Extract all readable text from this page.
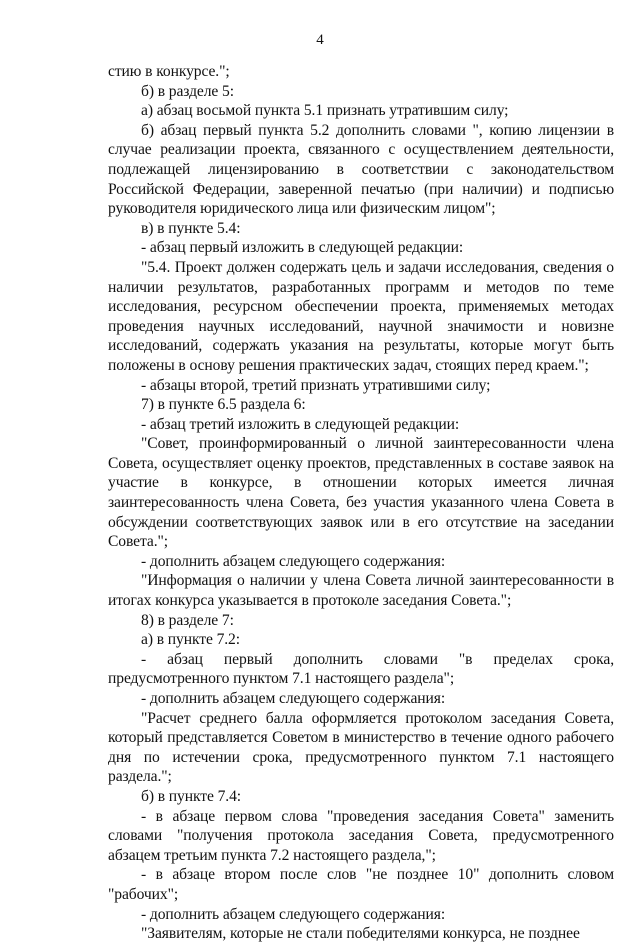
4

стию в конкурсе.";

б) в разделе 5:

а) абзац восьмой пункта 5.1 признать утратившим силу;

б) абзац первый пункта 5.2 дополнить словами ", копию лицензии в случае реализации проекта, связанного с осуществлением деятельности, подлежащей лицензированию в соответствии с законодательством Российской Федерации, заверенной печатью (при наличии) и подписью руководителя юридического лица или физическим лицом";

в) в пункте 5.4:

- абзац первый изложить в следующей редакции:

"5.4. Проект должен содержать цель и задачи исследования, сведения о наличии результатов, разработанных программ и методов по теме исследования, ресурсном обеспечении проекта, применяемых методах проведения научных исследований, научной значимости и новизне исследований, содержать указания на результаты, которые могут быть положены в основу решения практических задач, стоящих перед краем.";

- абзацы второй, третий признать утратившими силу;

7) в пункте 6.5 раздела 6:

- абзац третий изложить в следующей редакции:

"Совет, проинформированный о личной заинтересованности члена Совета, осуществляет оценку проектов, представленных в составе заявок на участие в конкурсе, в отношении которых имеется личная заинтересованность члена Совета, без участия указанного члена Совета в обсуждении соответствующих заявок или в его отсутствие на заседании Совета.";

- дополнить абзацем следующего содержания:

"Информация о наличии у члена Совета личной заинтересованности в итогах конкурса указывается в протоколе заседания Совета.";

8) в разделе 7:

а) в пункте 7.2:

- абзац первый дополнить словами "в пределах срока, предусмотренного пунктом 7.1 настоящего раздела";

- дополнить абзацем следующего содержания:

"Расчет среднего балла оформляется протоколом заседания Совета, который представляется Советом в министерство в течение одного рабочего дня по истечении срока, предусмотренного пунктом 7.1 настоящего раздела.";

б) в пункте 7.4:

- в абзаце первом слова "проведения заседания Совета" заменить словами "получения протокола заседания Совета, предусмотренного абзацем третьим пункта 7.2 настоящего раздела,";

- в абзаце втором после слов "не позднее 10" дополнить словом "рабочих";

- дополнить абзацем следующего содержания:

"Заявителям, которые не стали победителями конкурса, не позднее
